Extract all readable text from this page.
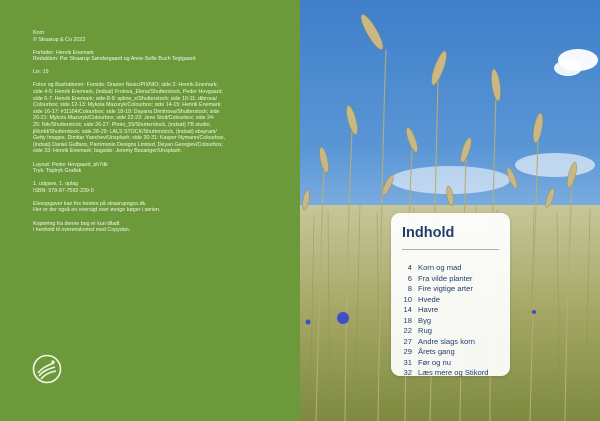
Korn
© Straarup & Co 2023

Forfatter: Henrik Enemark
Redaktion: Per Straarup Søndergaard og Anne-Sofie Buch Tegtgaard

Lix: 19

Fotos og illustrationer: Forside: Drazen Nesic/PIXNIO; side 3: Henrik Enemark;
side 4-5: Henrik Enemark, (indsat) Frolova_Elena/Shutterstock, Peder Hovgaard;
side 6-7: Henrik Enemark; side 8-9: spline_x/Shutterstock; side 10-11: dibrova/
Colourbox; side 12-13: Mykola Mazuryk/Colourbox; side 14-15: Henrik Enemark;
side 16-17: #11104/Colourbox; side 18-19: Dayana Dimitrova/Shutterstock; side
20-21: Mykola Mazuryk/Colourbox; side 22-23: Jens Stolt/Colourbox; side 24-
25: Nitr/Shutterstock; side 26-27: Photo_55/Shutterstock, (indsat) TB studio,
jRknfd/Shutterstock; side 28-29: LALS STOCK/Shutterstock, (indsat) sbayram/
Getty Images, Dimitar Yanchev/Unsplash; side 30-31: Kasper Nymann/Colourbox,
(indsat) Daniel Guffans, Parrimonio Designs Limited, Deyan Georgiev/Colourbox;
side 33: Henrik Enemark; bagside: Jeremy Bezanger/Unsplash.

Layout: Peder Hovgaard, ph7dk
Tryk: Toptryk Grafisk

1. udgave, 1. oplag
ISBN: 978-87-7592-239-0

Elevopgaver kan fris hentes på straarupogco.dk.
Her er der også en oversigt over øvrige bøger i serien.

Kopiering fra denne bog er kun tilladt
i henhold til overenskomst med Copydan.	Indhold
4 Korn og mad
6 Fra vilde planter
8 Fire vigtige arter
10 Hvede
14 Havre
18 Byg
22 Rug
27 Andre slags korn
29 Årets gang
31 Før og nu
32 Læs mere og Stikord
